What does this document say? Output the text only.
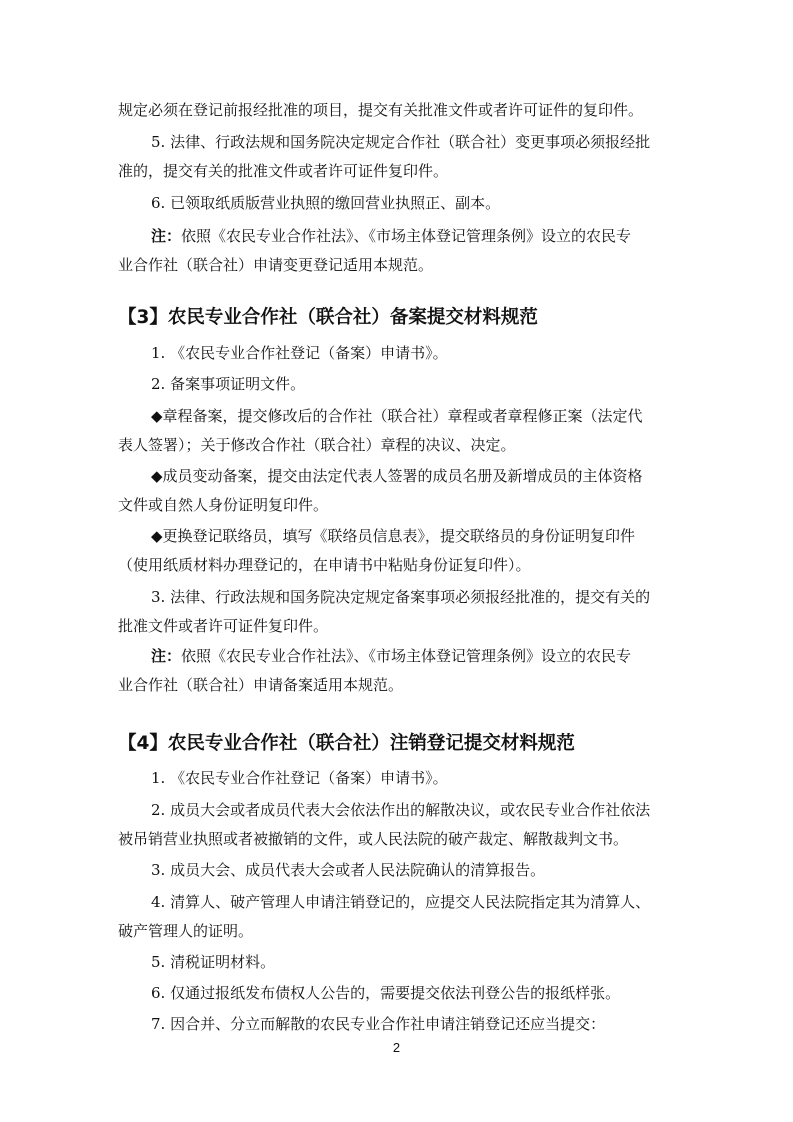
规定必须在登记前报经批准的项目，提交有关批准文件或者许可证件的复印件。
5. 法律、行政法规和国务院决定规定合作社（联合社）变更事项必须报经批
准的，提交有关的批准文件或者许可证件复印件。
6. 已领取纸质版营业执照的缴回营业执照正、副本。
注：依照《农民专业合作社法》、《市场主体登记管理条例》设立的农民专
业合作社（联合社）申请变更登记适用本规范。
【3】农民专业合作社（联合社）备案提交材料规范
1. 《农民专业合作社登记（备案）申请书》。
2. 备案事项证明文件。
◆章程备案，提交修改后的合作社（联合社）章程或者章程修正案（法定代
表人签署）；关于修改合作社（联合社）章程的决议、决定。
◆成员变动备案，提交由法定代表人签署的成员名册及新增成员的主体资格
文件或自然人身份证明复印件。
◆更换登记联络员，填写《联络员信息表》，提交联络员的身份证明复印件
（使用纸质材料办理登记的，在申请书中粘贴身份证复印件）。
3. 法律、行政法规和国务院决定规定备案事项必须报经批准的，提交有关的
批准文件或者许可证件复印件。
注：依照《农民专业合作社法》、《市场主体登记管理条例》设立的农民专
业合作社（联合社）申请备案适用本规范。
【4】农民专业合作社（联合社）注销登记提交材料规范
1. 《农民专业合作社登记（备案）申请书》。
2. 成员大会或者成员代表大会依法作出的解散决议，或农民专业合作社依法
被吊销营业执照或者被撤销的文件，或人民法院的破产裁定、解散裁判文书。
3. 成员大会、成员代表大会或者人民法院确认的清算报告。
4. 清算人、破产管理人申请注销登记的，应提交人民法院指定其为清算人、
破产管理人的证明。
5. 清税证明材料。
6. 仅通过报纸发布债权人公告的，需要提交依法刊登公告的报纸样张。
7. 因合并、分立而解散的农民专业合作社申请注销登记还应当提交：
2
